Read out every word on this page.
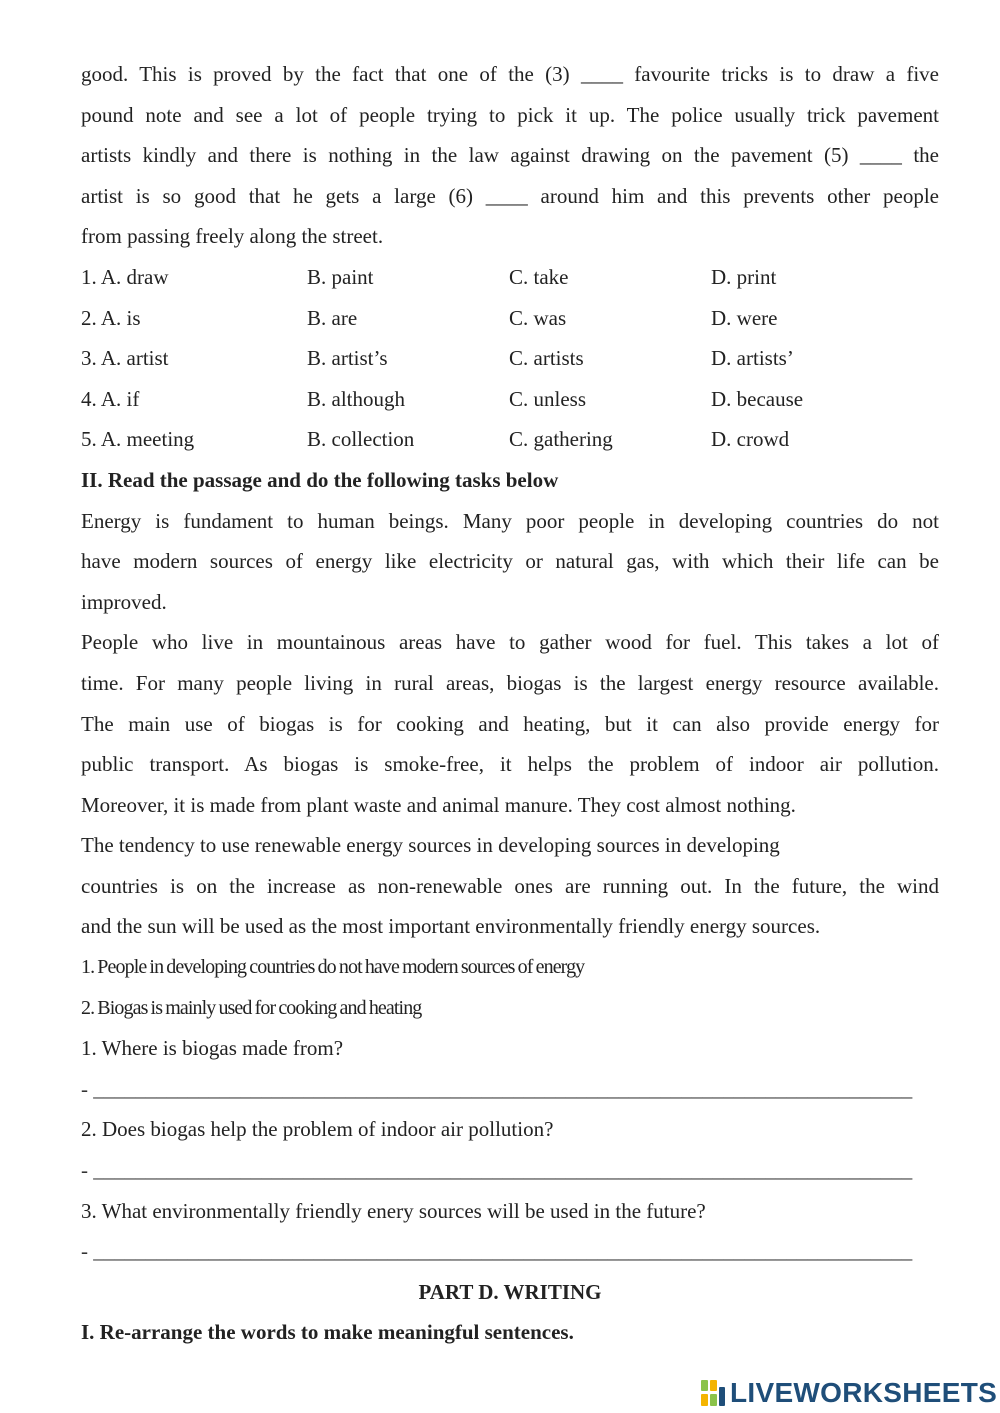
good. This is proved by the fact that one of the (3) ____ favourite tricks is to draw a five
pound note and see a lot of people trying to pick it up. The police usually trick pavement
artists kindly and there is nothing in the law against drawing on the pavement (5) ____ the
artist is so good that he gets a large (6) ____ around him and this prevents other people
from passing freely along the street.
1. A. draw	B. paint	C. take	D. print
2. A. is	B. are	C. was	D. were
3. A. artist	B. artist’s	C. artists	D. artists’
4. A. if	B. although	C. unless	D. because
5. A. meeting	B. collection	C. gathering	D. crowd
II. Read the passage and do the following tasks below
Energy is fundament to human beings. Many poor people in developing countries do not
have modern sources of energy like electricity or natural gas, with which their life can be
improved.
People who live in mountainous areas have to gather wood for fuel. This takes a lot of
time. For many people living in rural areas, biogas is the largest energy resource available.
The main use of biogas is for cooking and heating, but it can also provide energy for
public transport. As biogas is smoke-free, it helps the problem of indoor air pollution.
Moreover, it is made from plant waste and animal manure. They cost almost nothing.
The tendency to use renewable energy sources in developing sources in developing
countries is on the increase as non-renewable ones are running out. In the future, the wind
and the sun will be used as the most important environmentally friendly energy sources.
1. People in developing countries do not have modern sources of energy
2. Biogas is mainly used for cooking and heating
1. Where is biogas made from?
- ______________________________________________________________________________
2. Does biogas help the problem of indoor air pollution?
- ______________________________________________________________________________
3. What environmentally friendly enery sources will be used in the future?
- ______________________________________________________________________________
PART D. WRITING
I. Re-arrange the words to make meaningful sentences.
LIVEWORKSHEETS
